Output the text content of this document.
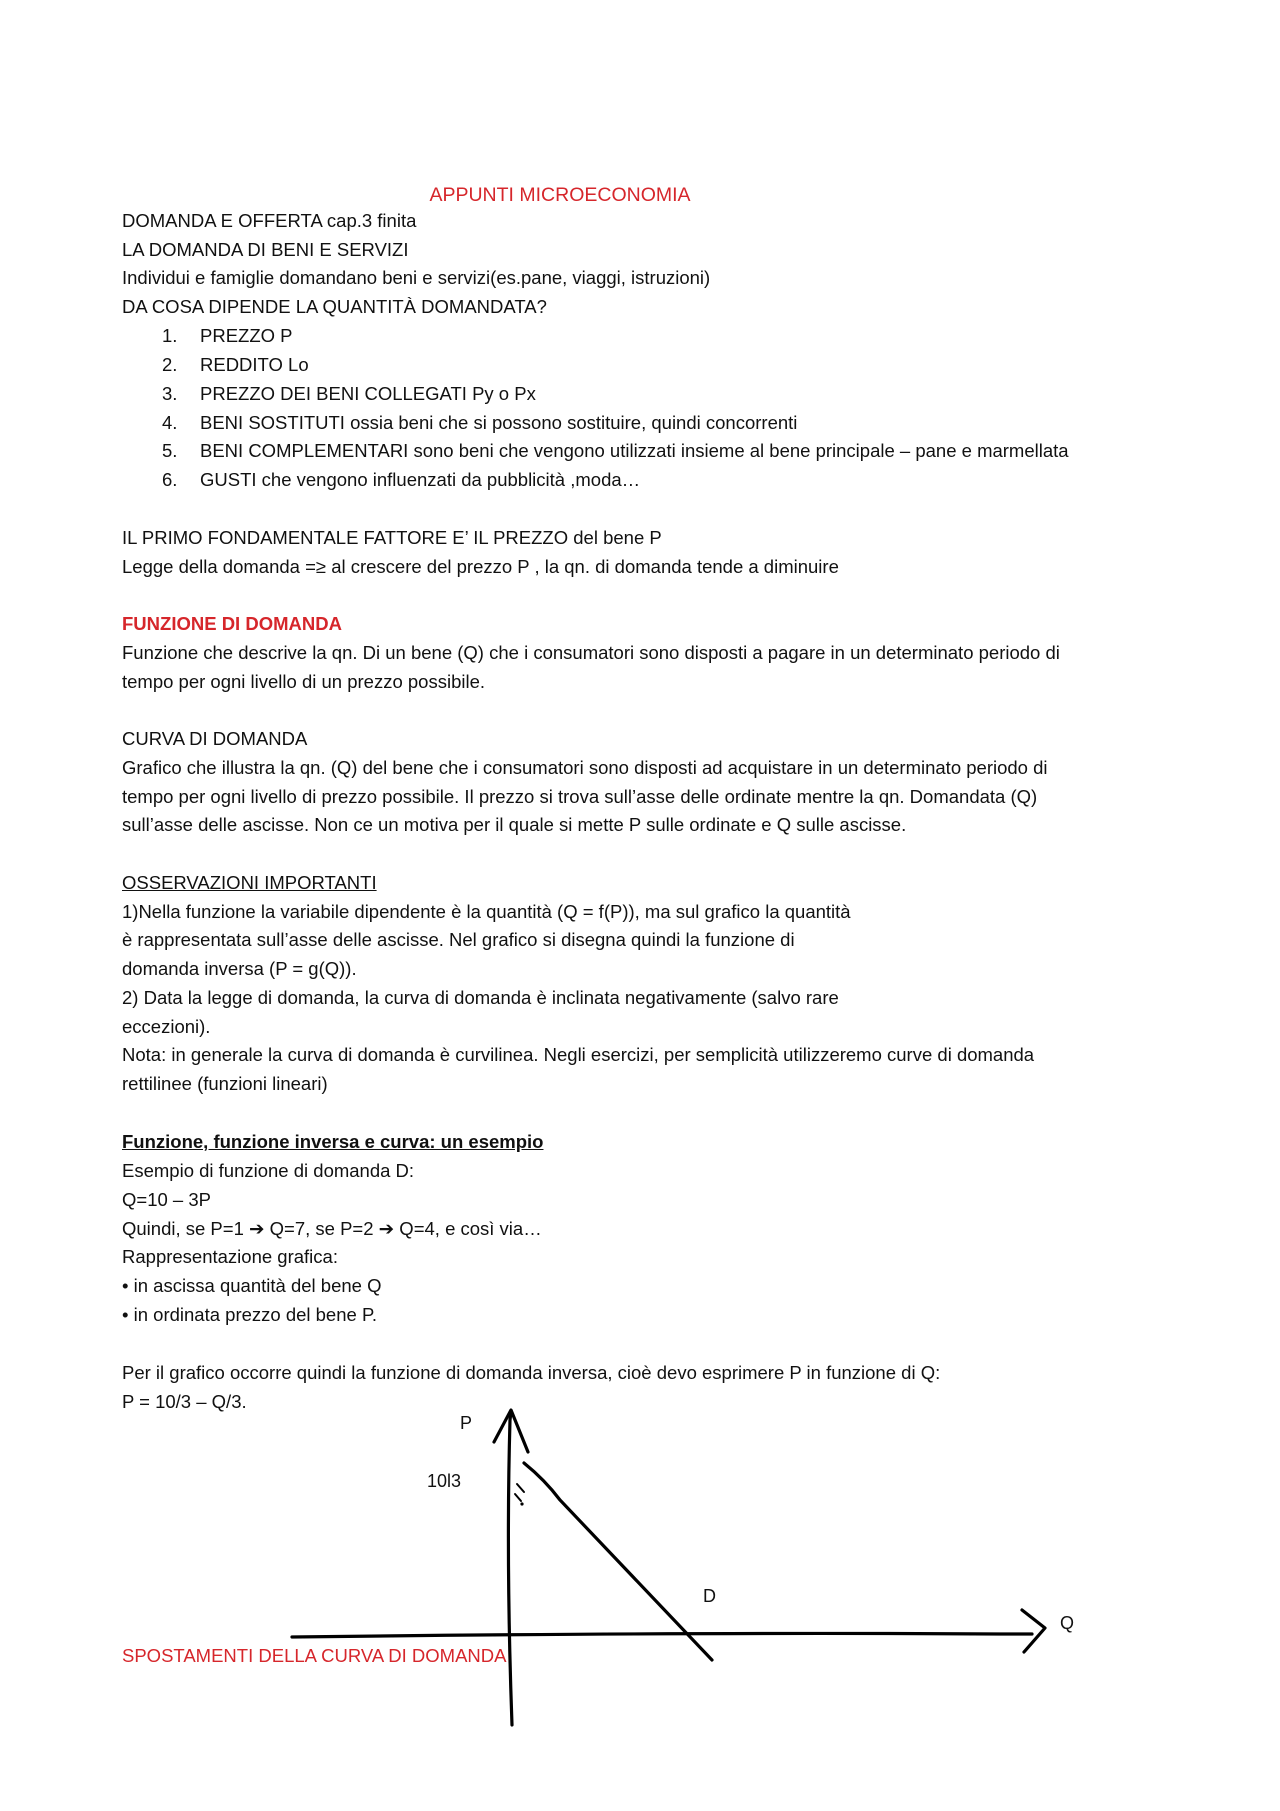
APPUNTI MICROECONOMIA
DOMANDA E OFFERTA cap.3 finita
LA DOMANDA DI BENI E SERVIZI
Individui e famiglie domandano beni e servizi(es.pane, viaggi, istruzioni)
DA COSA DIPENDE LA QUANTITÀ DOMANDATA?
1. PREZZO P
2. REDDITO Lo
3. PREZZO DEI BENI COLLEGATI Py o Px
4. BENI SOSTITUTI ossia beni che si possono sostituire, quindi concorrenti
5. BENI COMPLEMENTARI sono beni che vengono utilizzati insieme al bene principale – pane e marmellata
6. GUSTI che vengono influenzati da pubblicità ,moda…
IL PRIMO FONDAMENTALE FATTORE E’ IL PREZZO del bene P
Legge della domanda =≥ al crescere del prezzo P , la qn. di domanda tende a diminuire
FUNZIONE DI DOMANDA
Funzione che descrive la qn. Di un bene (Q) che i consumatori sono disposti a pagare in un determinato periodo di
tempo per ogni livello di un prezzo possibile.
CURVA DI DOMANDA
Grafico che illustra la qn. (Q) del bene che i consumatori sono disposti ad acquistare in un determinato periodo di
tempo per ogni livello di prezzo possibile. Il prezzo si trova sull’asse delle ordinate mentre la qn. Domandata (Q)
sull’asse delle ascisse. Non ce un motiva per il quale si mette P sulle ordinate e Q sulle ascisse.
OSSERVAZIONI IMPORTANTI
1)Nella funzione la variabile dipendente è la quantità (Q = f(P)), ma sul grafico la quantità
è rappresentata sull’asse delle ascisse. Nel grafico si disegna quindi la funzione di
domanda inversa (P = g(Q)).
2) Data la legge di domanda, la curva di domanda è inclinata negativamente (salvo rare
eccezioni).
Nota: in generale la curva di domanda è curvilinea. Negli esercizi, per semplicità utilizzeremo curve di domanda
rettilinee (funzioni lineari)
Funzione, funzione inversa e curva: un esempio
Esempio di funzione di domanda D:
Q=10 – 3P
Quindi, se P=1 ➔ Q=7, se P=2 ➔ Q=4, e così via…
Rappresentazione grafica:
• in ascissa quantità del bene Q
• in ordinata prezzo del bene P.
Per il grafico occorre quindi la funzione di domanda inversa, cioè devo esprimere P in funzione di Q:
P = 10/3 – Q/3.
P
10l3
D
Q
SPOSTAMENTI DELLA CURVA DI DOMANDA
